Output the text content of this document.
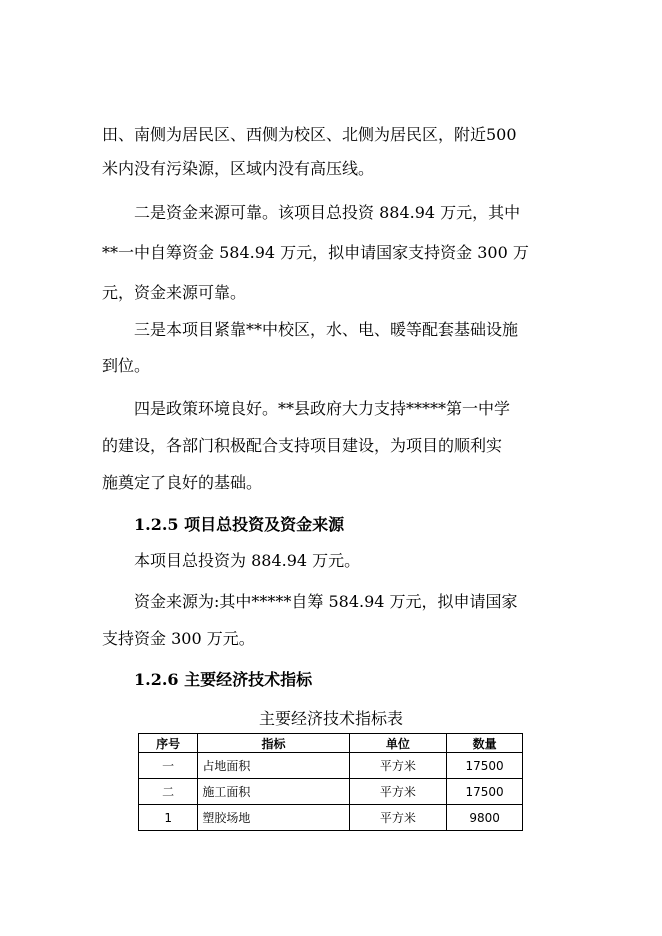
田、南侧为居民区、西侧为校区、北侧为居民区，附近500
米内没有污染源，区域内没有高压线。
二是资金来源可靠。该项目总投资 884.94 万元，其中
**一中自筹资金 584.94 万元，拟申请国家支持资金 300 万
元，资金来源可靠。
三是本项目紧靠**中校区，水、电、暖等配套基础设施
到位。
四是政策环境良好。**县政府大力支持*****第一中学
的建设，各部门积极配合支持项目建设，为项目的顺利实
施奠定了良好的基础。
1.2.5 项目总投资及资金来源
本项目总投资为 884.94 万元。
资金来源为:其中*****自筹 584.94 万元，拟申请国家
支持资金 300 万元。
1.2.6 主要经济技术指标
主要经济技术指标表
序号	指标	单位	数量
一	占地面积	平方米	17500
二	施工面积	平方米	17500
1	塑胶场地	平方米	9800
